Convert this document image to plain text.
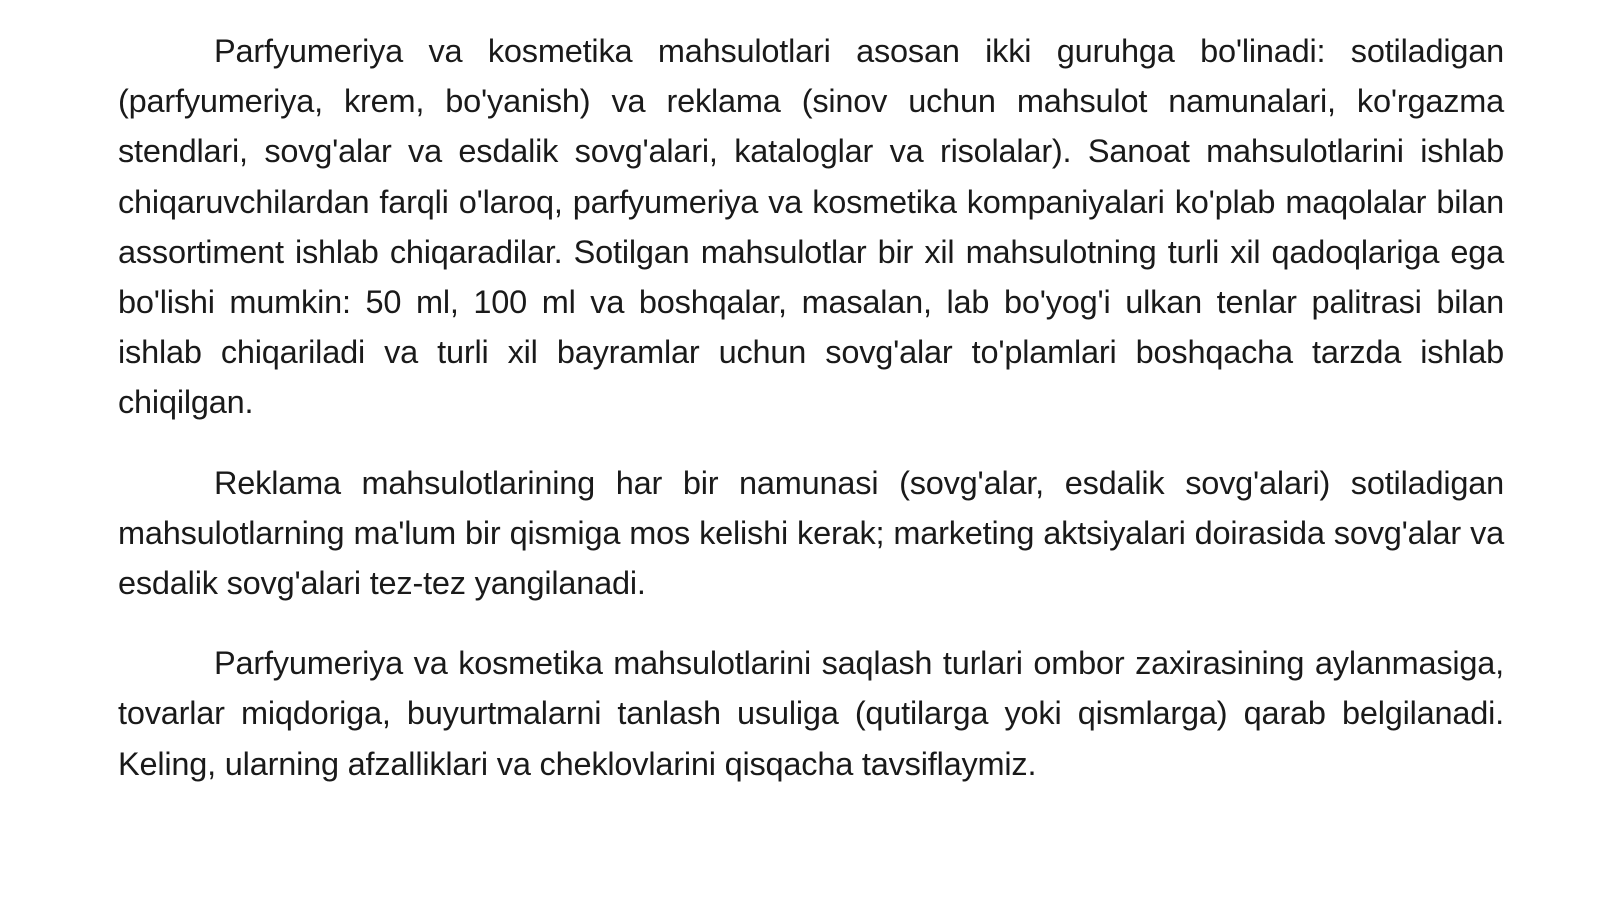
Parfyumeriya va kosmetika mahsulotlari asosan ikki guruhga bo'linadi: sotiladigan (parfyumeriya, krem, bo'yanish) va reklama (sinov uchun mahsulot namunalari, ko'rgazma stendlari, sovg'alar va esdalik sovg'alari, kataloglar va risolalar). Sanoat mahsulotlarini ishlab chiqaruvchilardan farqli o'laroq, parfyumeriya va kosmetika kompaniyalari ko'plab maqolalar bilan assortiment ishlab chiqaradilar. Sotilgan mahsulotlar bir xil mahsulotning turli xil qadoqlariga ega bo'lishi mumkin: 50 ml, 100 ml va boshqalar, masalan, lab bo'yog'i ulkan tenlar palitrasi bilan ishlab chiqariladi va turli xil bayramlar uchun sovg'alar to'plamlari boshqacha tarzda ishlab chiqilgan.

Reklama mahsulotlarining har bir namunasi (sovg'alar, esdalik sovg'alari) sotiladigan mahsulotlarning ma'lum bir qismiga mos kelishi kerak; marketing aktsiyalari doirasida sovg'alar va esdalik sovg'alari tez-tez yangilanadi.

Parfyumeriya va kosmetika mahsulotlarini saqlash turlari ombor zaxirasining aylanmasiga, tovarlar miqdoriga, buyurtmalarni tanlash usuliga (qutilarga yoki qismlarga) qarab belgilanadi. Keling, ularning afzalliklari va cheklovlarini qisqacha tavsiflaymiz.
